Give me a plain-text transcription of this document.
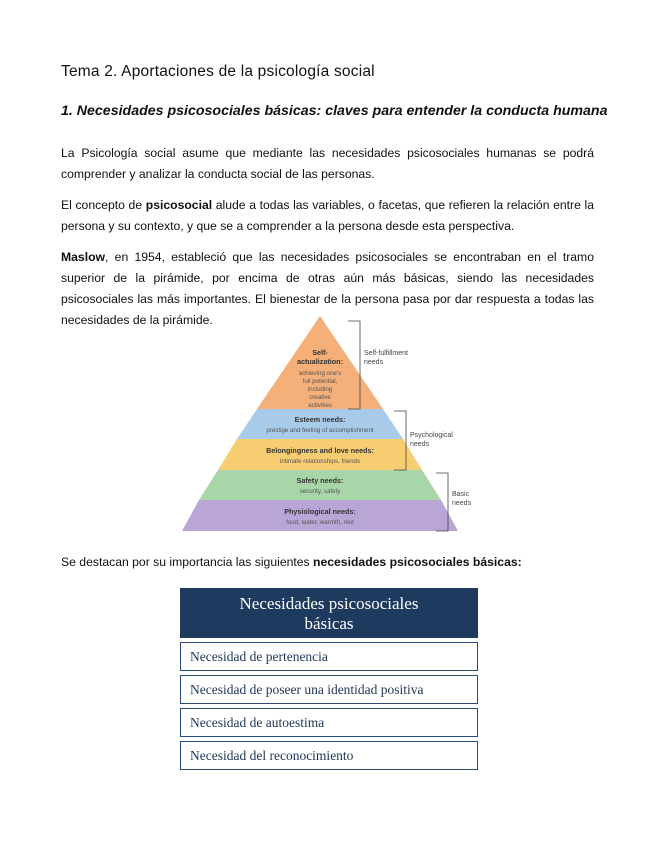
Tema 2. Aportaciones de la psicología social
1. Necesidades psicosociales básicas: claves para entender la conducta humana
La Psicología social asume que mediante las necesidades psicosociales humanas se podrá comprender y analizar la conducta social de las personas.
El concepto de psicosocial alude a todas las variables, o facetas, que refieren la relación entre la persona y su contexto, y que se a comprender a la persona desde esta perspectiva.
Maslow, en 1954, estableció que las necesidades psicosociales se encontraban en el tramo superior de la pirámide, por encima de otras aún más básicas, siendo las necesidades psicosociales las más importantes. El bienestar de la persona pasa por dar respuesta a todas las necesidades de la pirámide.
Se destacan por su importancia las siguientes necesidades psicosociales básicas:
Self-actualization:
achieving one's full potential, including creative activities
Esteem needs:
prestige and feeling of accomplishment
Belongingness and love needs:
intimate relationships, friends
Safety needs:
security, safety
Physiological needs:
food, water, warmth, rest
Self-fulfillment
needs
Psychological
needs
Basic
needs
Necesidades psicosociales
básicas
Necesidad de pertenencia
Necesidad de poseer una identidad positiva
Necesidad de autoestima
Necesidad del reconocimiento
